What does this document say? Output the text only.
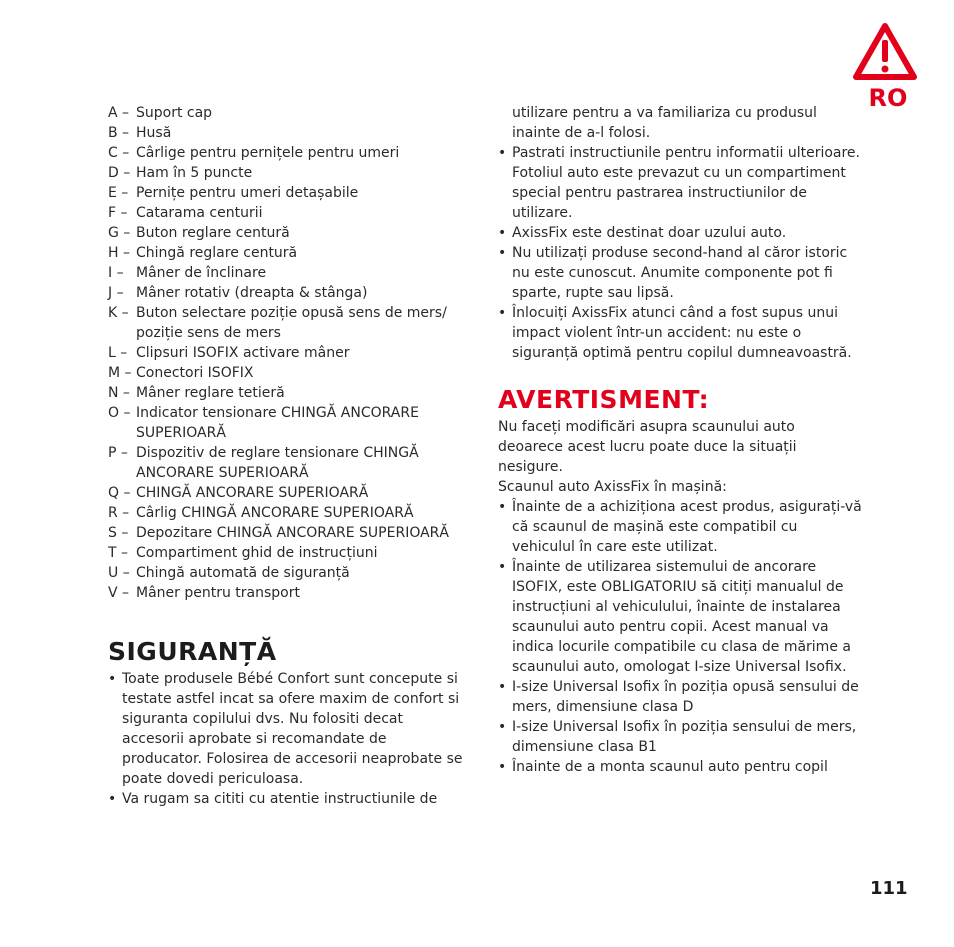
RO
A – Suport cap
B – Husă
C – Cârlige pentru pernițele pentru umeri
D – Ham în 5 puncte
E – Pernițe pentru umeri detașabile
F – Catarama centurii
G – Buton reglare centură
H – Chingă reglare centură
I – Mâner de înclinare
J – Mâner rotativ (dreapta & stânga)
K – Buton selectare poziție opusă sens de mers/ poziție sens de mers
L – Clipsuri ISOFIX activare mâner
M – Conectori ISOFIX
N – Mâner reglare tetieră
O – Indicator tensionare CHINGĂ ANCORARE SUPERIOARĂ
P – Dispozitiv de reglare tensionare CHINGĂ ANCORARE SUPERIOARĂ
Q – CHINGĂ ANCORARE SUPERIOARĂ
R – Cârlig CHINGĂ ANCORARE SUPERIOARĂ
S – Depozitare CHINGĂ ANCORARE SUPERIOARĂ
T – Compartiment ghid de instrucțiuni
U – Chingă automată de siguranță
V – Mâner pentru transport
SIGURANȚĂ
• Toate produsele Bébé Confort sunt concepute si testate astfel incat sa ofere maxim de confort si siguranta copilului dvs. Nu folositi decat accesorii aprobate si recomandate de producator. Folosirea de accesorii neaprobate se poate dovedi periculoasa.
• Va rugam sa cititi cu atentie instructiunile de
utilizare pentru a va familiariza cu produsul inainte de a-l folosi.
• Pastrati instructiunile pentru informatii ulterioare. Fotoliul auto este prevazut cu un compartiment special pentru pastrarea instructiunilor de utilizare.
• AxissFix este destinat doar uzului auto.
• Nu utilizați produse second-hand al căror istoric nu este cunoscut. Anumite componente pot fi sparte, rupte sau lipsă.
• Înlocuiți AxissFix atunci când a fost supus unui impact violent într-un accident: nu este o siguranță optimă pentru copilul dumneavoastră.
AVERTISMENT:

Nu faceți modificări asupra scaunului auto deoarece acest lucru poate duce la situații nesigure.

Scaunul auto AxissFix în mașină:

• Înainte de a achiziționa acest produs, asigurați-vă că scaunul de mașină este compatibil cu vehiculul în care este utilizat.
• Înainte de utilizarea sistemului de ancorare ISOFIX, este OBLIGATORIU să citiți manualul de instrucțiuni al vehiculului, înainte de instalarea scaunului auto pentru copii. Acest manual va indica locurile compatibile cu clasa de mărime a scaunului auto, omologat I-size Universal Isofix.
• I-size Universal Isofix în poziția opusă sensului de mers, dimensiune clasa D
• I-size Universal Isofix în poziția sensului de mers, dimensiune clasa B1
• Înainte de a monta scaunul auto pentru copil
111
